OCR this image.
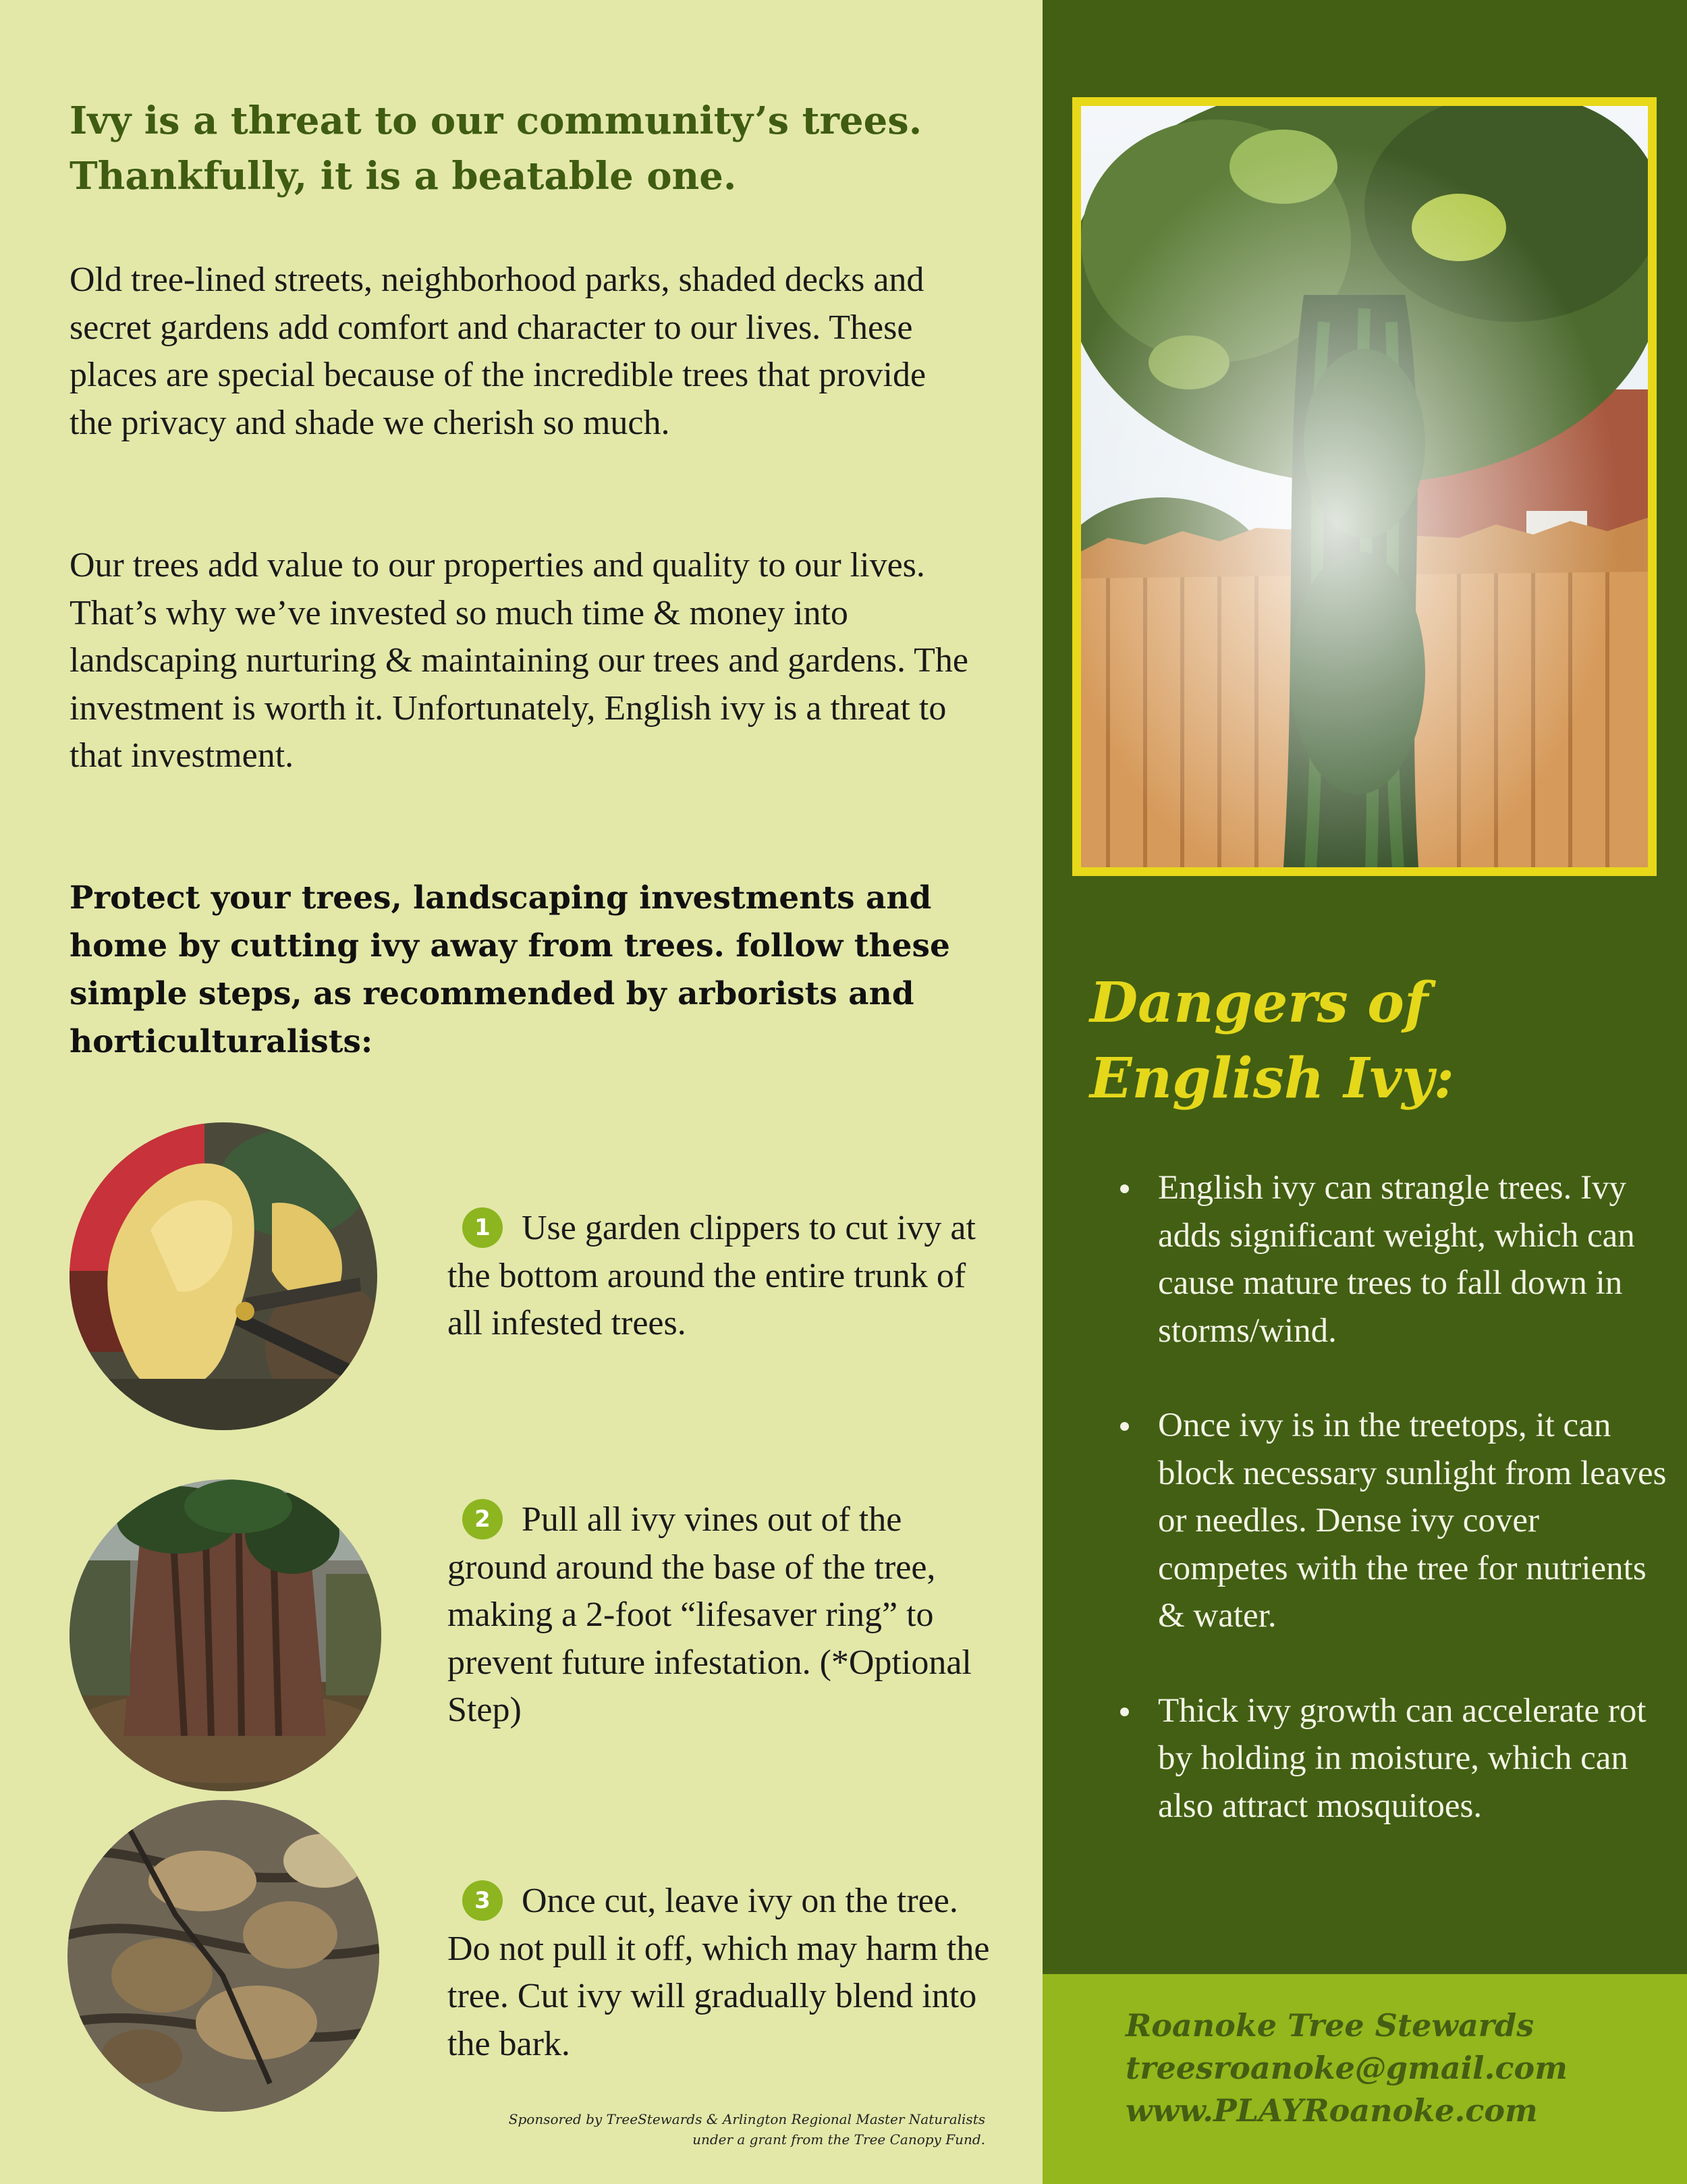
Ivy is a threat to our community’s trees. Thankfully, it is a beatable one.

Old tree-lined streets, neighborhood parks, shaded decks and secret gardens add comfort and character to our lives. These places are special because of the incredible trees that provide the privacy and shade we cherish so much.

Our trees add value to our properties and quality to our lives. That’s why we’ve invested so much time & money into landscaping nurturing & maintaining our trees and gardens. The investment is worth it. Unfortunately, English ivy is a threat to that investment.

Protect your trees, landscaping investments and home by cutting ivy away from trees. follow these simple steps, as recommended by arborists and horticulturalists:

1 Use garden clippers to cut ivy at the bottom around the entire trunk of all infested trees.
2 Pull all ivy vines out of the ground around the base of the tree, making a 2-foot “lifesaver ring” to prevent future infestation. (*Optional Step)
3 Once cut, leave ivy on the tree. Do not pull it off, which may harm the tree. Cut ivy will gradually blend into the bark.
Sponsored by TreeStewards & Arlington Regional Master Naturalists
under a grant from the Tree Canopy Fund.
Dangers of
English Ivy:
English ivy can strangle trees. Ivy adds significant weight, which can cause mature trees to fall down in storms/wind.
Once ivy is in the treetops, it can block necessary sunlight from leaves or needles. Dense ivy cover competes with the tree for nutrients & water.
Thick ivy growth can accelerate rot by holding in moisture, which can also attract mosquitoes.
Roanoke Tree Stewards
treesroanoke@gmail.com
www.PLAYRoanoke.com
